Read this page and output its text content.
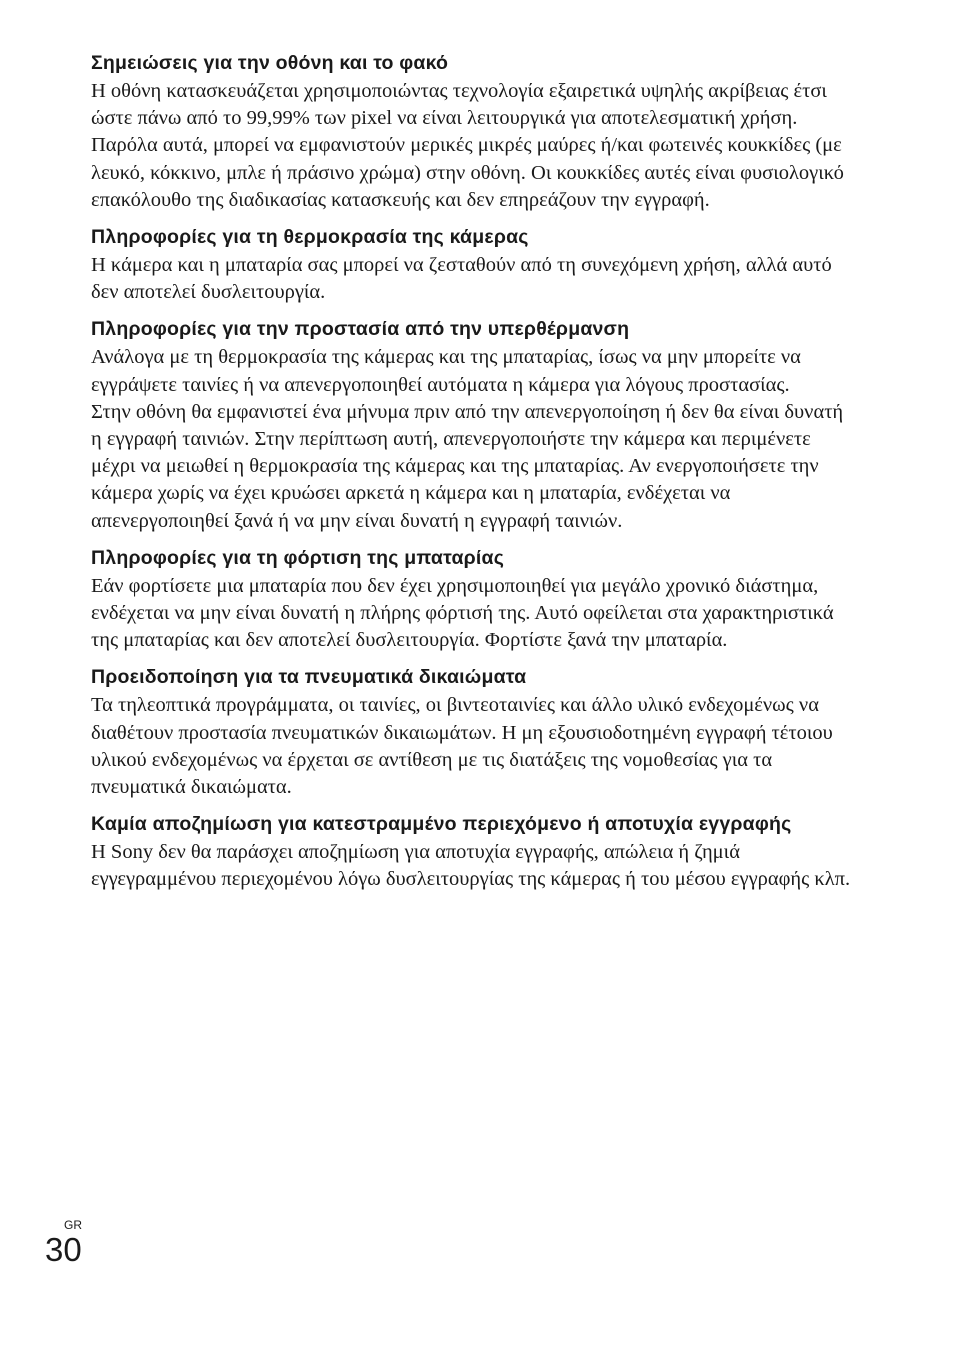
Σημειώσεις για την οθόνη και το φακό

Η οθόνη κατασκευάζεται χρησιμοποιώντας τεχνολογία εξαιρετικά υψηλής ακρίβειας έτσι ώστε πάνω από το 99,99% των pixel να είναι λειτουργικά για αποτελεσματική χρήση. Παρόλα αυτά, μπορεί να εμφανιστούν μερικές μικρές μαύρες ή/και φωτεινές κουκκίδες (με λευκό, κόκκινο, μπλε ή πράσινο χρώμα) στην οθόνη. Οι κουκκίδες αυτές είναι φυσιολογικό επακόλουθο της διαδικασίας κατασκευής και δεν επηρεάζουν την εγγραφή.

Πληροφορίες για τη θερμοκρασία της κάμερας

Η κάμερα και η μπαταρία σας μπορεί να ζεσταθούν από τη συνεχόμενη χρήση, αλλά αυτό δεν αποτελεί δυσλειτουργία.

Πληροφορίες για την προστασία από την υπερθέρμανση

Ανάλογα με τη θερμοκρασία της κάμερας και της μπαταρίας, ίσως να μην μπορείτε να εγγράψετε ταινίες ή να απενεργοποιηθεί αυτόματα η κάμερα για λόγους προστασίας.

Στην οθόνη θα εμφανιστεί ένα μήνυμα πριν από την απενεργοποίηση ή δεν θα είναι δυνατή η εγγραφή ταινιών. Στην περίπτωση αυτή, απενεργοποιήστε την κάμερα και περιμένετε μέχρι να μειωθεί η θερμοκρασία της κάμερας και της μπαταρίας. Αν ενεργοποιήσετε την κάμερα χωρίς να έχει κρυώσει αρκετά η κάμερα και η μπαταρία, ενδέχεται να απενεργοποιηθεί ξανά ή να μην είναι δυνατή η εγγραφή ταινιών.

Πληροφορίες για τη φόρτιση της μπαταρίας

Εάν φορτίσετε μια μπαταρία που δεν έχει χρησιμοποιηθεί για μεγάλο χρονικό διάστημα, ενδέχεται να μην είναι δυνατή η πλήρης φόρτισή της. Αυτό οφείλεται στα χαρακτηριστικά της μπαταρίας και δεν αποτελεί δυσλειτουργία. Φορτίστε ξανά την μπαταρία.

Προειδοποίηση για τα πνευματικά δικαιώματα

Τα τηλεοπτικά προγράμματα, οι ταινίες, οι βιντεοταινίες και άλλο υλικό ενδεχομένως να διαθέτουν προστασία πνευματικών δικαιωμάτων. Η μη εξουσιοδοτημένη εγγραφή τέτοιου υλικού ενδεχομένως να έρχεται σε αντίθεση με τις διατάξεις της νομοθεσίας για τα πνευματικά δικαιώματα.

Καμία αποζημίωση για κατεστραμμένο περιεχόμενο ή αποτυχία εγγραφής

Η Sony δεν θα παράσχει αποζημίωση για αποτυχία εγγραφής, απώλεια ή ζημιά εγγεγραμμένου περιεχομένου λόγω δυσλειτουργίας της κάμερας ή του μέσου εγγραφής κλπ.

GR
30
